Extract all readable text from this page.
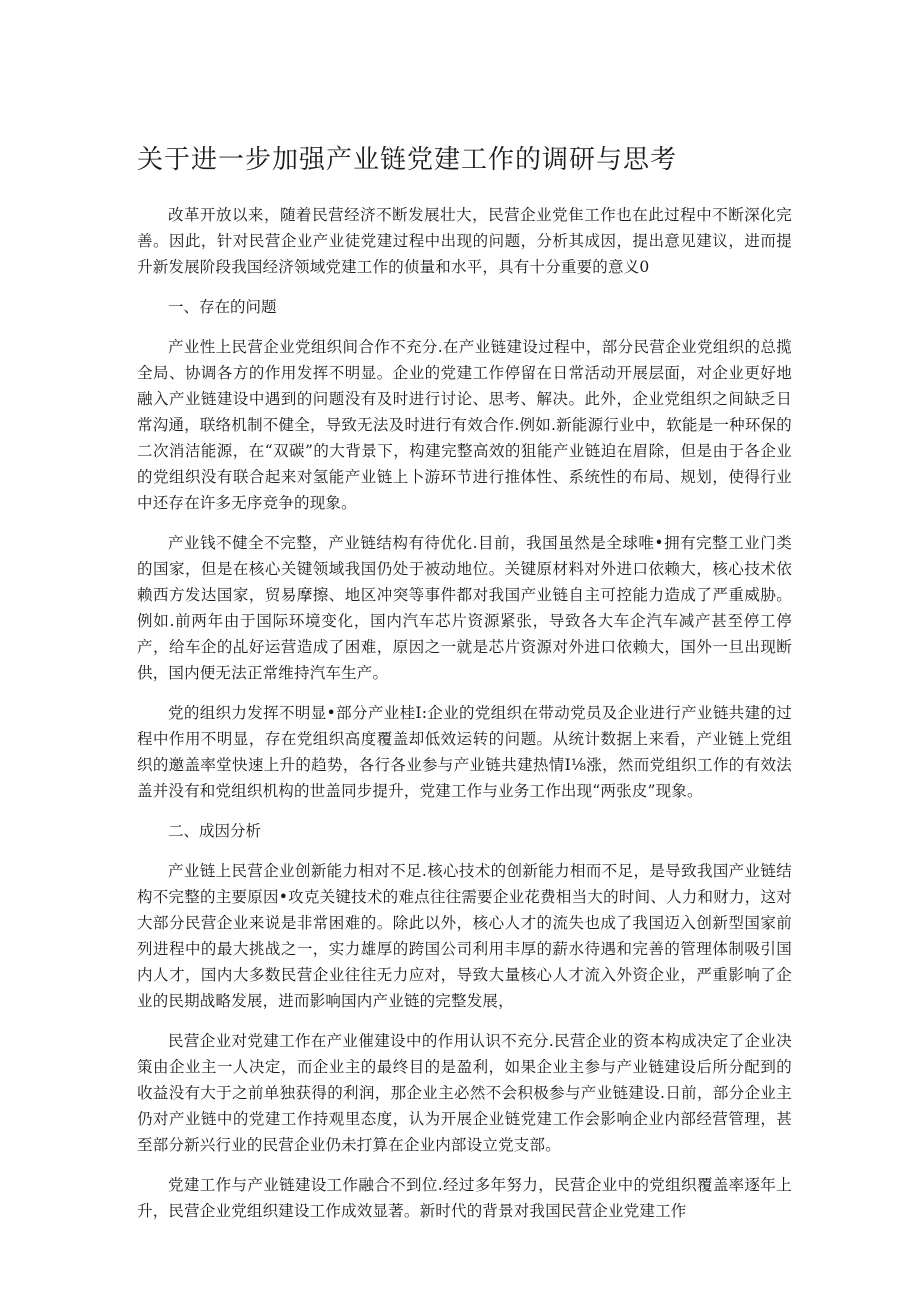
关于进一步加强产业链党建工作的调研与思考

改革开放以来，随着民营经济不断发展壮大，民营企业党隹工作也在此过程中不断深化完善。因此，针对民营企业产业徒党建过程中出现的问题，分析其成因，提出意见建议，进而提升新发展阶段我国经济领域党建工作的侦量和水平，具有十分重要的意义0

一、存在的问题

产业性上民营企业党组织间合作不充分.在产业链建设过程中，部分民营企业党组织的总揽全局、协调各方的作用发挥不明显。企业的党建工作停留在日常活动开展层面，对企业更好地融入产业链建设中遇到的问题没有及时进行讨论、思考、解决。此外，企业党组织之间缺乏日常沟通，联络机制不健全，导致无法及时进行有效合作.例如.新能源行业中，软能是一种环保的二次消洁能源，在“双碳”的大背景下，构建完整高效的狙能产业链迫在眉除，但是由于各企业的党组织没有联合起来对氢能产业链上卜游环节进行推体性、系统性的布局、规划，使得行业中还存在许多无序竞争的现象。

产业钱不健全不完整，产业链结构有待优化.目前，我国虽然是全球唯•拥有完整工业门类的国家，但是在核心关键领域我国仍处于被动地位。关键原材料对外进口依赖大，核心技术依赖西方发达国家，贸易摩擦、地区冲突等事件都对我国产业链自主可控能力造成了严重威胁。例如.前两年由于国际环境变化，国内汽车芯片资源紧张，导致各大车企汽车减产甚至停工停产，给车企的乩好运营造成了困难，原因之一就是芯片资源对外进口依赖大，国外一旦出现断供，国内便无法正常维持汽车生产。

党的组织力发挥不明显•部分产业桂I:企业的党组织在带动党员及企业进行产业链共建的过程中作用不明显，存在党组织高度覆盖却低效运转的问题。从统计数据上来看，产业链上党组织的邀盖率堂快速上升的趋势，各行各业参与产业链共建热情I⅛涨，然而党组织工作的有效法盖并没有和党组织机构的世盖同步提升，党建工作与业务工作出现“两张皮”现象。

二、成因分析

产业链上民营企业创新能力相对不足.核心技术的创新能力相而不足，是导致我国产业链结构不完整的主要原因•攻克关键技术的难点往往需要企业花费相当大的时间、人力和财力，这对大部分民营企业来说是非常困难的。除此以外，核心人才的流失也成了我国迈入创新型国家前列进程中的最大挑战之一，实力雄厚的跨国公司利用丰厚的薪水待遇和完善的管理体制吸引国内人才，国内大多数民营企业往往无力应对，导致大量核心人才流入外资企业，严重影响了企业的民期战略发展，进而影响国内产业链的完整发展，

民营企业对党建工作在产业催建设中的作用认识不充分.民营企业的资本构成决定了企业决策由企业主一人决定，而企业主的最终目的是盈利，如果企业主参与产业链建设后所分配到的收益没有大于之前单独获得的利润，那企业主必然不会积极参与产业链建设.日前，部分企业主仍对产业链中的党建工作持观里态度，认为开展企业链党建工作会影响企业内部经营管理，甚至部分新兴行业的民营企业仍未打算在企业内部设立党支部。

党建工作与产业链建设工作融合不到位.经过多年努力，民营企业中的党组织覆盖率逐年上升，民营企业党组织建设工作成效显著。新时代的背景对我国民营企业党建工作
